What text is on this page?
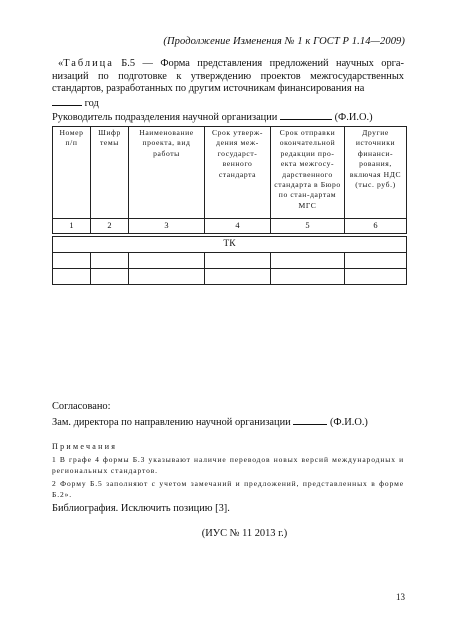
(Продолжение Изменения № 1 к ГОСТ Р 1.14—2009)
«Таблица Б.5 — Форма представления предложений научных орга- низаций по подготовке к утверждению проектов межгосударственных стандартов, разработанных по другим источникам финансирования на
год
Руководитель подразделения научной организации	(Ф.И.О.)
Номер п/п	Шифр темы	Наименование проекта, вид работы	Срок утверж-дения меж-государст-венного стандарта	Срок отправки окончательной редакции про-екта межгосу-дарственного стандарта в Бюро по стан-дартам МГС	Другие источники финанси-рования, включая НДС (тыс. руб.)
1	2	3	4	5	6

ТК					

Согласовано:
Зам. директора по направлению научной организации	(Ф.И.О.)
Примечания
1 В графе 4 формы Б.3 указывают наличие переводов новых версий международных и региональных стандартов.
2 Форму Б.5 заполняют с учетом замечаний и предложений, представленных в форме Б.2».
Библиография. Исключить позицию [3].
(ИУС № 11 2013 г.)
13
